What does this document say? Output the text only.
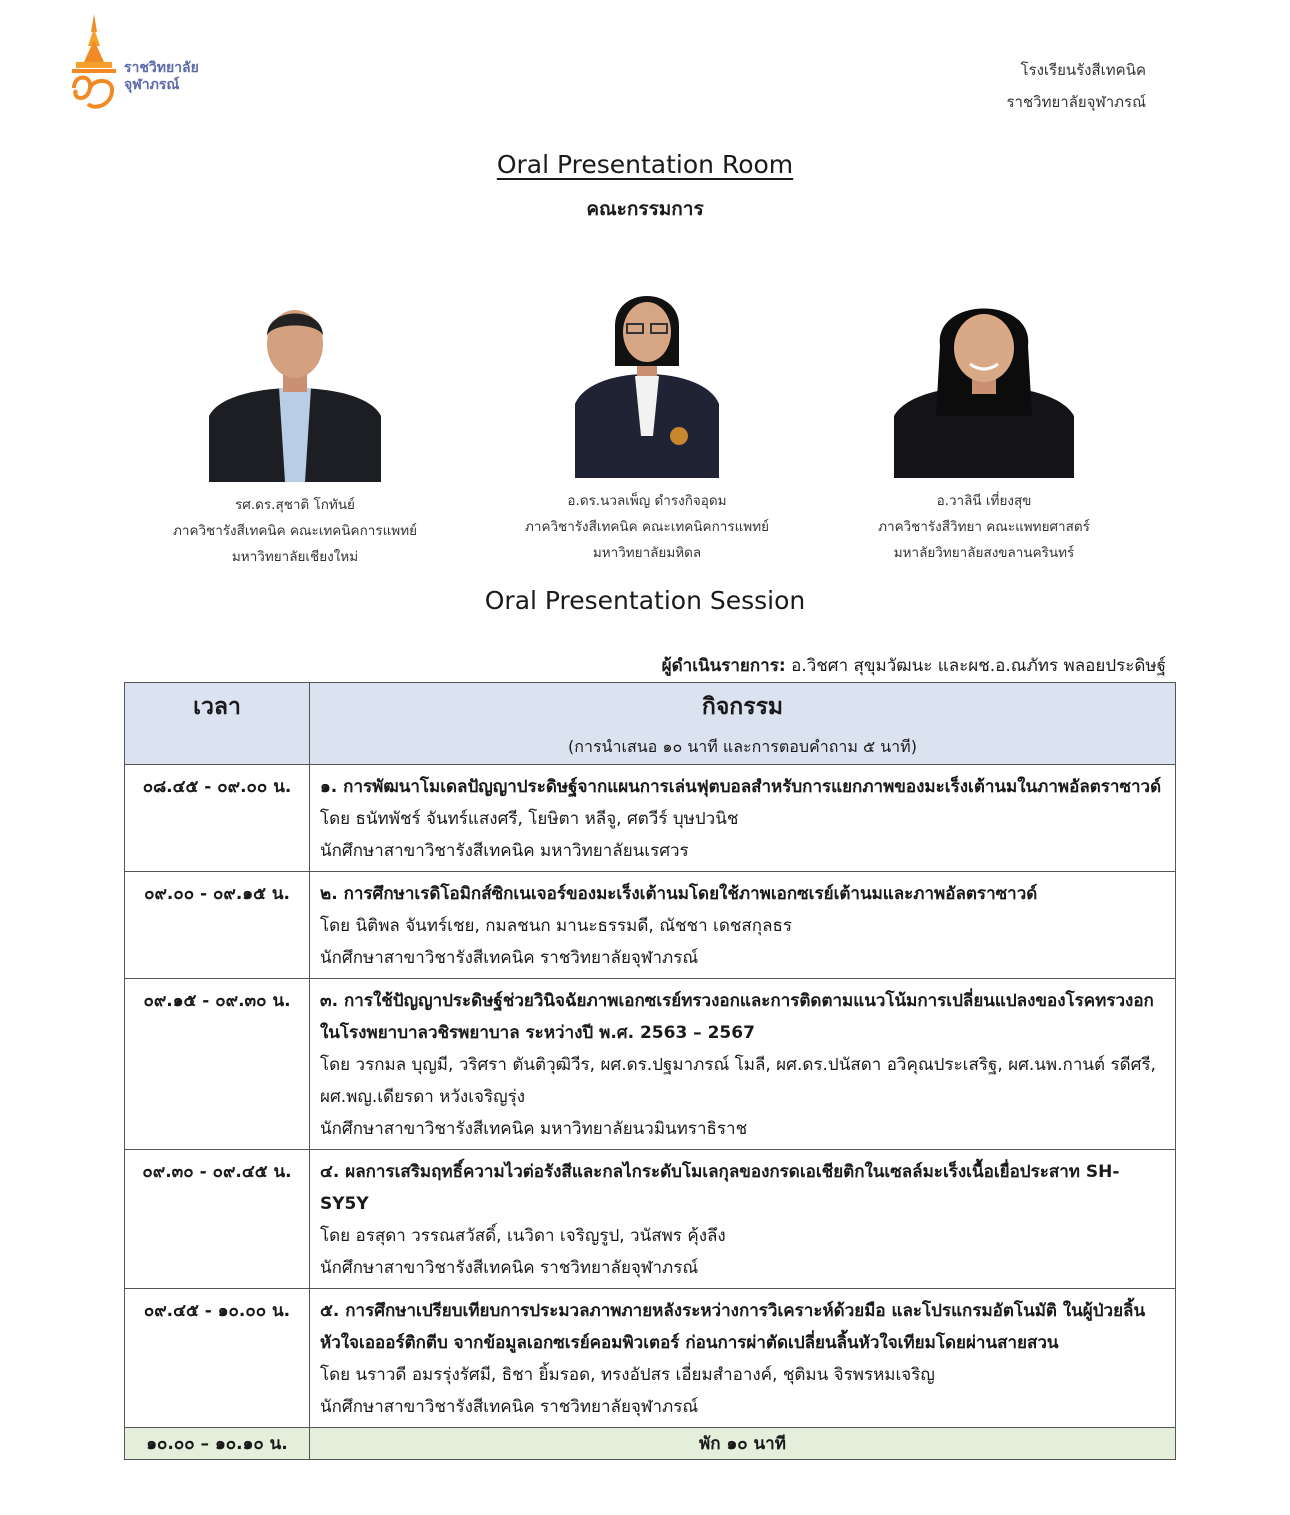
ราชวิทยาลัย
จุฬาภรณ์
โรงเรียนรังสีเทคนิค
ราชวิทยาลัยจุฬาภรณ์
Oral Presentation Room
คณะกรรมการ
รศ.ดร.สุชาติ โกทันย์
ภาควิชารังสีเทคนิค คณะเทคนิคการแพทย์
มหาวิทยาลัยเชียงใหม่
อ.ดร.นวลเพ็ญ ดำรงกิจอุดม
ภาควิชารังสีเทคนิค คณะเทคนิคการแพทย์
มหาวิทยาลัยมหิดล
อ.วาลินี เที่ยงสุข
ภาควิชารังสีวิทยา คณะแพทยศาสตร์
มหาลัยวิทยาลัยสงขลานครินทร์
Oral Presentation Session
ผู้ดำเนินรายการ: อ.วิชศา สุขุมวัฒนะ และผช.อ.ณภัทร พลอยประดิษฐ์
เวลา	กิจกรรม
(การนำเสนอ ๑๐ นาที และการตอบคำถาม ๕ นาที)

๐๘.๔๕ - ๐๙.๐๐ น.	๑. การพัฒนาโมเดลปัญญาประดิษฐ์จากแผนการเล่นฟุตบอลสำหรับการแยกภาพของมะเร็งเต้านมในภาพอัลตราซาวด์
โดย ธนัทพัชร์ จันทร์แสงศรี, โยษิตา หลีจู, ศตวีร์ บุษปวนิช
นักศึกษาสาขาวิชารังสีเทคนิค มหาวิทยาลัยนเรศวร

๐๙.๐๐ - ๐๙.๑๕ น.	๒. การศึกษาเรดิโอมิกส์ซิกเนเจอร์ของมะเร็งเต้านมโดยใช้ภาพเอกซเรย์เต้านมและภาพอัลตราซาวด์
โดย นิติพล จันทร์เชย, กมลชนก มานะธรรมดี, ณัชชา เดชสกุลธร
นักศึกษาสาขาวิชารังสีเทคนิค ราชวิทยาลัยจุฬาภรณ์

๐๙.๑๕ - ๐๙.๓๐ น.	๓. การใช้ปัญญาประดิษฐ์ช่วยวินิจฉัยภาพเอกซเรย์ทรวงอกและการติดตามแนวโน้มการเปลี่ยนแปลงของโรคทรวงอกในโรงพยาบาลวชิรพยาบาล ระหว่างปี พ.ศ. 2563 – 2567
โดย วรกมล บุญมี, วริศรา ตันติวุฒิวีร, ผศ.ดร.ปฐมาภรณ์ โมลี, ผศ.ดร.ปนัสดา อวิคุณประเสริฐ, ผศ.นพ.กานต์ รดีศรี, ผศ.พญ.เดียรดา หวังเจริญรุ่ง
นักศึกษาสาขาวิชารังสีเทคนิค มหาวิทยาลัยนวมินทราธิราช

๐๙.๓๐ - ๐๙.๔๕ น.	๔. ผลการเสริมฤทธิ์ความไวต่อรังสีและกลไกระดับโมเลกุลของกรดเอเชียติกในเซลล์มะเร็งเนื้อเยื่อประสาท SH-SY5Y
โดย อรสุดา วรรณสวัสดิ์, เนวิดา เจริญรูป, วนัสพร คุ้งลึง
นักศึกษาสาขาวิชารังสีเทคนิค ราชวิทยาลัยจุฬาภรณ์

๐๙.๔๕ - ๑๐.๐๐ น.	๕. การศึกษาเปรียบเทียบการประมวลภาพภายหลังระหว่างการวิเคราะห์ด้วยมือ และโปรแกรมอัตโนมัติ ในผู้ป่วยลิ้นหัวใจเอออร์ติกตีบ จากข้อมูลเอกซเรย์คอมพิวเตอร์ ก่อนการผ่าตัดเปลี่ยนลิ้นหัวใจเทียมโดยผ่านสายสวน
โดย นราวดี อมรรุ่งรัศมี, ธิชา ยิ้มรอด, ทรงอัปสร เอี่ยมสำอางค์, ชุติมน จิรพรหมเจริญ
นักศึกษาสาขาวิชารังสีเทคนิค ราชวิทยาลัยจุฬาภรณ์

๑๐.๐๐ – ๑๐.๑๐ น.	พัก ๑๐ นาที
